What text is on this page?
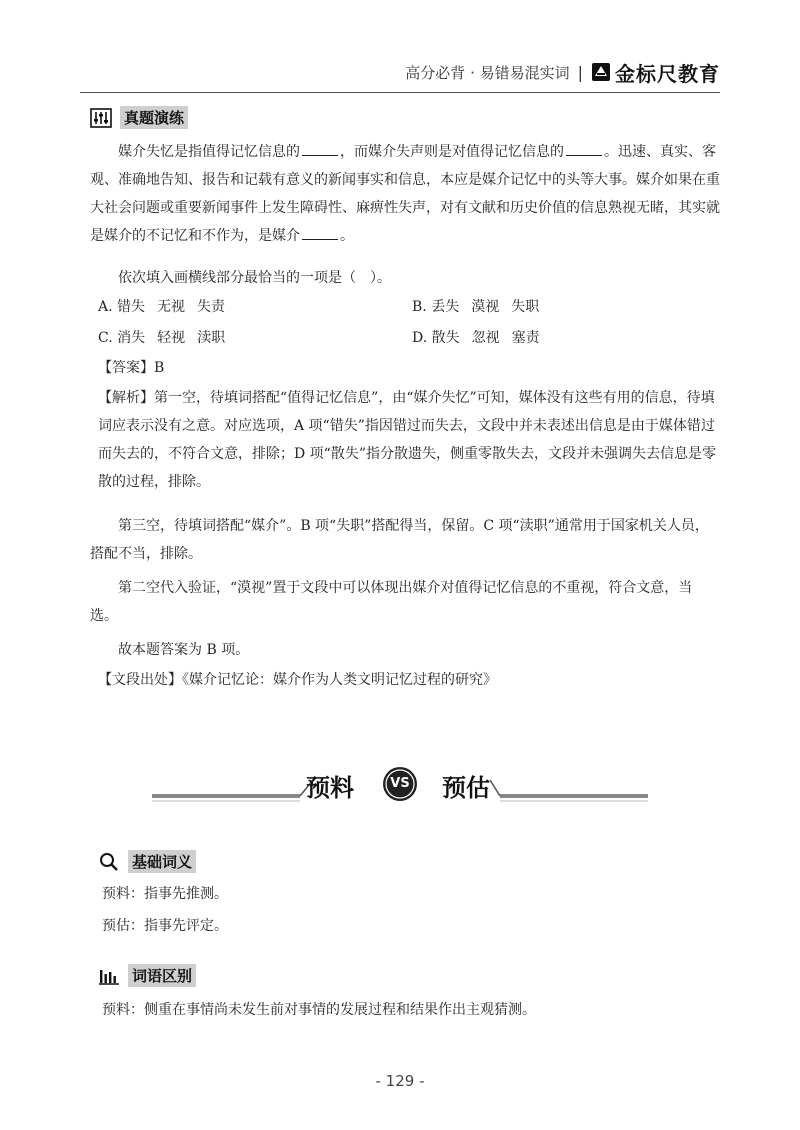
高分必背 · 易错易混实词 | 金标尺教育
真题演练

媒介失忆是指值得记忆信息的	，而媒介失声则是对值得记忆信息的	。迅速、真实、客观、准确地告知、报告和记载有意义的新闻事实和信息，本应是媒介记忆中的头等大事。媒介如果在重大社会问题或重要新闻事件上发生障碍性、麻痹性失声，对有文献和历史价值的信息熟视无睹，其实就是媒介的不记忆和不作为，是媒介	。

依次填入画横线部分最恰当的一项是（　）。

A. 错失 无视 失责	B. 丢失 漠视 失职
C. 消失 轻视 渎职	D. 散失 忽视 塞责

【答案】B

【解析】第一空，待填词搭配“值得记忆信息”，由“媒介失忆”可知，媒体没有这些有用的信息，待填词应表示没有之意。对应选项，A 项“错失”指因错过而失去，文段中并未表述出信息是由于媒体错过而失去的，不符合文意，排除；D 项“散失”指分散遗失，侧重零散失去，文段并未强调失去信息是零散的过程，排除。

第三空，待填词搭配“媒介”。B 项“失职”搭配得当，保留。C 项“渎职”通常用于国家机关人员，搭配不当，排除。

第二空代入验证，“漠视”置于文段中可以体现出媒介对值得记忆信息的不重视，符合文意，当选。

故本题答案为 B 项。

【文段出处】《媒介记忆论：媒介作为人类文明记忆过程的研究》

预料	VS 预估
基础词义

预料：指事先推测。

预估：指事先评定。

词语区别

预料：侧重在事情尚未发生前对事情的发展过程和结果作出主观猜测。

- 129 -
